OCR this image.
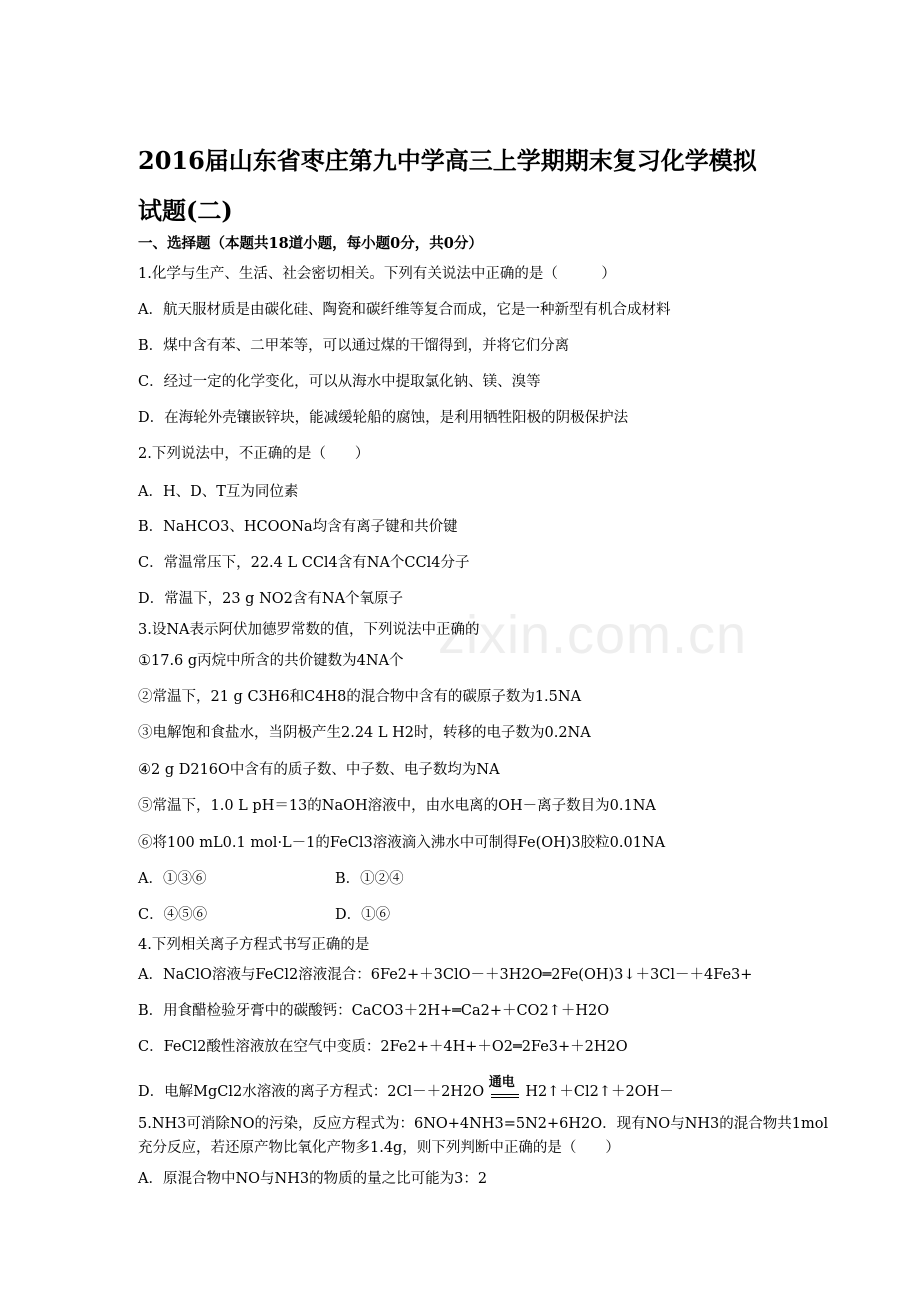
zixin.com.cn
2016届山东省枣庄第九中学高三上学期期末复习化学模拟
试题(二)
一、选择题（本题共18道小题，每小题0分，共0分）
1.化学与生产、生活、社会密切相关。下列有关说法中正确的是（　　　）
A．航天服材质是由碳化硅、陶瓷和碳纤维等复合而成，它是一种新型有机合成材料
B．煤中含有苯、二甲苯等，可以通过煤的干馏得到，并将它们分离
C．经过一定的化学变化，可以从海水中提取氯化钠、镁、溴等
D．在海轮外壳镶嵌锌块，能减缓轮船的腐蚀，是利用牺牲阳极的阴极保护法
2.下列说法中，不正确的是（　　）
A．H、D、T互为同位素
B．NaHCO3、HCOONa均含有离子键和共价键
C．常温常压下，22.4 L CCl4含有NA个CCl4分子
D．常温下，23 g NO2含有NA个氧原子
3.设NA表示阿伏加德罗常数的值，下列说法中正确的
①17.6 g丙烷中所含的共价键数为4NA个
②常温下，21 g C3H6和C4H8的混合物中含有的碳原子数为1.5NA
③电解饱和食盐水，当阴极产生2.24 L H2时，转移的电子数为0.2NA
④2 g D216O中含有的质子数、中子数、电子数均为NA
⑤常温下，1.0 L pH＝13的NaOH溶液中，由水电离的OH－离子数目为0.1NA
⑥将100 mL0.1 mol·L－1的FeCl3溶液滴入沸水中可制得Fe(OH)3胶粒0.01NA
A．①③⑥	B．①②④
C．④⑤⑥	D．①⑥
4.下列相关离子方程式书写正确的是
A．NaClO溶液与FeCl2溶液混合：6Fe2+＋3ClO－＋3H2O═2Fe(OH)3↓＋3Cl－＋4Fe3+
B．用食醋检验牙膏中的碳酸钙：CaCO3＋2H+═Ca2+＋CO2↑＋H2O
C．FeCl2酸性溶液放在空气中变质：2Fe2+＋4H+＋O2═2Fe3+＋2H2O
D．电解MgCl2水溶液的离子方程式：2Cl－＋2H2O
通电
H2↑＋Cl2↑＋2OH－
5.NH3可消除NO的污染，反应方程式为：6NO+4NH3=5N2+6H2O．现有NO与NH3的混合物共1mol
充分反应，若还原产物比氧化产物多1.4g，则下列判断中正确的是（　　）
A．原混合物中NO与NH3的物质的量之比可能为3：2
